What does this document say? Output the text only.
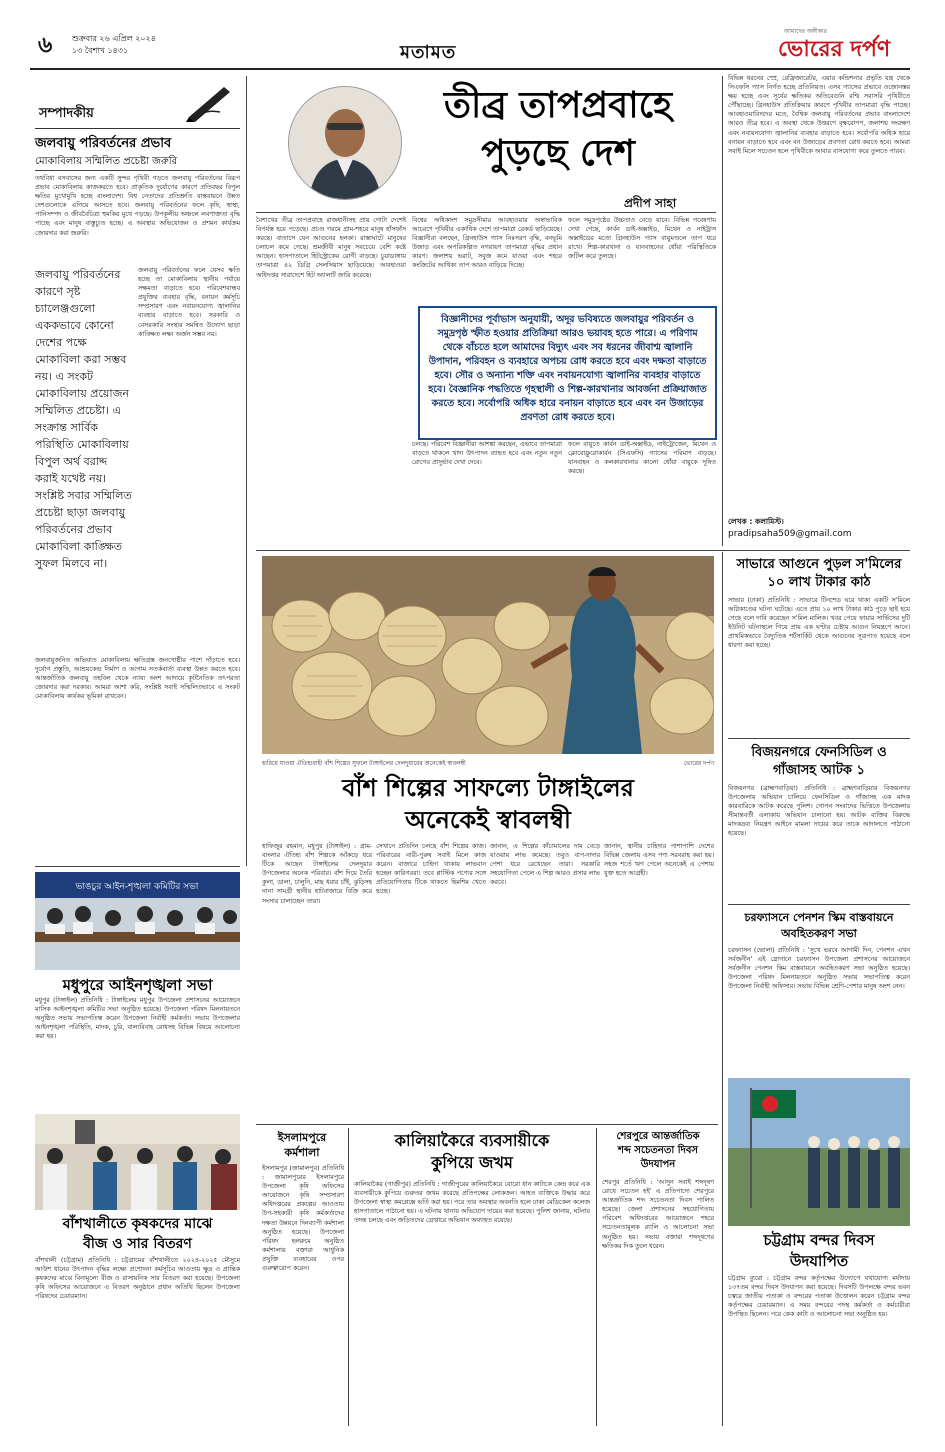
৬ শুক্রবার ২৬ এপ্রিল ২০২৪
১৩ বৈশাখ ১৪৩১	মতামত
আমাদের অঙ্গীকার
ভোরের দর্পণ
সম্পাদকীয়
জলবায়ু পরিবর্তনের প্রভাব
মোকাবিলায় সম্মিলিত প্রচেষ্টা জরুরি
তথবিধা বসবাসের জন্য একটি সুন্দর পৃথিবী গড়তে জলবায়ু পরিবর্তনের বিরূপ প্রভাব মোকাবিলায় কাজকরতে হবে। প্রাকৃতিক দুর্যোগের কারণে প্রতিবছর বিপুল ক্ষতির মুখোমুখি হচ্ছে বাংলাদেশ। বিশ্ব নেতাদের প্রতিশ্রুতি বাস্তবায়নে উন্নত দেশগুলোকে এগিয়ে আসতে হবে। জলবায়ু পরিবর্তনের ফলে কৃষি, স্বাস্থ্য, পানিসম্পদ ও জীববৈচিত্র্য হুমকির মুখে পড়ছে। উপকূলীয় অঞ্চলে লবণাক্ততা বৃদ্ধি পাচ্ছে এবং মানুষ বাস্তুচ্যুত হচ্ছে। এ অবস্থায় অভিযোজন ও প্রশমন কার্যক্রম জোরদার করা জরুরি।
জলবায়ু পরিবর্তনের কারণে সৃষ্ট চ্যালেঞ্জগুলো এককভাবে কোনো দেশের পক্ষে মোকাবিলা করা সম্ভব নয়। এ সংকট মোকাবিলায় প্রয়োজন সম্মিলিত প্রচেষ্টা। এ সংক্রান্ত সার্বিক পরিস্থিতি মোকাবিলায় বিপুল অর্থ বরাদ্দ করাই যথেষ্ট নয়। সংশ্লিষ্ট সবার সম্মিলিত প্রচেষ্টা ছাড়া জলবায়ু পরিবর্তনের প্রভাব মোকাবিলা কাঙ্ক্ষিত সুফল মিলবে না।
জলবায়ু পরিবর্তনের ফলে যেসব ক্ষতি হচ্ছে তা মোকাবিলায় স্থানীয় পর্যায়ে সক্ষমতা বাড়াতে হবে। পরিবেশবান্ধব প্রযুক্তির ব্যবহার বৃদ্ধি, বনায়ন কর্মসূচি সম্প্রসারণ এবং নবায়নযোগ্য জ্বালানির ব্যবহার বাড়াতে হবে। সরকারি ও বেসরকারি সংস্থার সমন্বিত উদ্যোগ ছাড়া কাঙ্ক্ষিত লক্ষ্য অর্জন সম্ভব নয়।
জলবায়ুজনিত অভিঘাত মোকাবিলায় ক্ষতিগ্রস্ত জনগোষ্ঠীর পাশে দাঁড়াতে হবে। দুর্যোগ প্রস্তুতি, আশ্রয়কেন্দ্র নির্মাণ ও আগাম সতর্কবার্তা ব্যবস্থা উন্নত করতে হবে। আন্তর্জাতিক জলবায়ু তহবিল থেকে ন্যায্য অংশ আদায়ে কূটনৈতিক তৎপরতা জোরদার করা দরকার। আমরা আশা করি, সংশ্লিষ্ট সবাই সম্মিলিতভাবে এ সংকট মোকাবিলায় কার্যকর ভূমিকা রাখবেন।
তীব্র তাপপ্রবাহে
পুড়ছে দেশ
প্রদীপ সাহা
বৈশাখের তীব্র তাপপ্রবাহে রাজধানীসহ প্রায় গোটা দেশেই বিপর্যস্ত হয়ে পড়েছে। প্রচণ্ড গরমে গ্রাম-শহরে মানুষ হাঁসফাঁস করছে। বাতাসে যেন আগুনের হলকা। রাস্তাঘাটে মানুষের চলাচল কমে গেছে। শ্রমজীবী মানুষ সবচেয়ে বেশি কষ্টে আছেন। হাসপাতালে হিটস্ট্রোকের রোগী বাড়ছে। চুয়াডাঙ্গায় তাপমাত্রা ৪২ ডিগ্রি সেলসিয়াস ছাড়িয়েছে। আবহাওয়া অধিদপ্তর সারাদেশে হিট অ্যালার্ট জারি করেছে।
বিশ্বের অধিকাংশ সমুদ্রসীমার আবহাওয়ার অস্বাভাবিক আচরণে পৃথিবীর একাধিক দেশে তাপমাত্রা রেকর্ড ছাড়িয়েছে। বিজ্ঞানীরা বলছেন, গ্রিনহাউস গ্যাস নিঃসরণ বৃদ্ধি, বনভূমি উজাড় এবং অপরিকল্পিত নগরায়ণ তাপমাত্রা বৃদ্ধির প্রধান কারণ। জলাশয় ভরাট, সবুজ কমে যাওয়া এবং শহরে কংক্রিটের আধিক্য তাপ আরও বাড়িয়ে দিচ্ছে।
ফলে সমুদ্রপৃষ্ঠের উচ্চতাও বেড়ে যাবে। বিভিন্ন গবেষণায় দেখা গেছে, কার্বন ডাই-অক্সাইড, মিথেন ও নাইট্রাস অক্সাইডের মতো গ্রিনহাউস গ্যাস বায়ুমণ্ডলে তাপ ধরে রাখে। শিল্প-কারখানা ও যানবাহনের ধোঁয়া পরিস্থিতিকে জটিল করে তুলছে।
বিজ্ঞানীদের পূর্বাভাস অনুযায়ী, অদূর ভবিষ্যতে জলবায়ুর পরিবর্তন ও সমুদ্রপৃষ্ঠ স্ফীত হওয়ার প্রতিক্রিয়া আরও ভয়াবহ হতে পারে। এ পরিণাম থেকে বাঁচতে হলে আমাদের বিদ্যুৎ এবং সব ধরনের জীবাশ্ম জ্বালানি উপাদান, পরিবহন ও ব্যবহারে অপচয় রোধ করতে হবে এবং দক্ষতা বাড়াতে হবে। সৌর ও অন্যান্য শক্তি এবং নবায়নযোগ্য জ্বালানির ব্যবহার বাড়াতে হবে। বৈজ্ঞানিক পদ্ধতিতে গৃহস্থালী ও শিল্প-কারখানার আবর্জনা প্রক্রিয়াজাত করতে হবে। সর্বোপরি অধিক হারে বনায়ন বাড়াতে হবে এবং বন উজাড়ের প্রবণতা রোধ করতে হবে।
চলছে। পরিবেশ বিজ্ঞানীরা আশঙ্কা করছেন, এভাবে তাপমাত্রা বাড়তে থাকলে খাদ্য উৎপাদন ব্যাহত হবে এবং নতুন নতুন রোগের প্রাদুর্ভাব দেখা দেবে।
ফলে বায়ুতে কার্বন ডাই-অক্সাইড, নাইট্রোজেন, মিথেন ও ক্লোরোফ্লুরোকার্বন (সিএফসি) গ্যাসের পরিমাণ বাড়ছে। যানবাহন ও কলকারখানার কালো ধোঁয়া বায়ুকে দূষিত করছে।
বিভিন্ন ধরনের স্প্রে, রেফ্রিজারেটর, এয়ার কন্ডিশনার প্রভৃতি যন্ত্র থেকে সিএফসি গ্যাস নির্গত হচ্ছে প্রতিনিয়ত। এসব গ্যাসের প্রভাবে ওজোনস্তর ক্ষয় হচ্ছে এবং সূর্যের ক্ষতিকর অতিবেগুনি রশ্মি সরাসরি পৃথিবীতে পৌঁছাচ্ছে। গ্রিনহাউস প্রতিক্রিয়ার কারণে পৃথিবীর তাপমাত্রা বৃদ্ধি পাচ্ছে। আবহাওয়াবিদদের মতে, বৈশ্বিক জলবায়ু পরিবর্তনের প্রভাব বাংলাদেশে আরও তীব্র হবে। এ অবস্থা থেকে উত্তরণে বৃক্ষরোপণ, জলাশয় সংরক্ষণ এবং নবায়নযোগ্য জ্বালানির ব্যবহার বাড়াতে হবে। সর্বোপরি অধিক হারে বনায়ন বাড়াতে হবে এবং বন উজাড়ের প্রবণতা রোধ করতে হবে। আমরা সবাই মিলে সচেতন হলে পৃথিবীকে আবার বাসযোগ্য করে তুলতে পারব।
লেখক : কলামিস্ট।
pradipsaha509@gmail.com
হারিয়ে যাওয়া ঐতিহ্যবাহী বাঁশ শিল্পের সুফলে টাঙ্গাইলের দেলদুয়ারের অনেকেই স্বাবলম্বী	ভোরের দর্পণ
বাঁশ শিল্পের সাফল্যে টাঙ্গাইলের
অনেকেই স্বাবলম্বী
হাফিজুর রহমান, মধুপুর (টাঙ্গাইল) : গ্রাম-বাংলার ঐতিহ্য বাঁশ শিল্পকে আঁকড়ে ধরে টিকে আছেন টাঙ্গাইলের দেলদুয়ার উপজেলার অনেক পরিবার। বাঁশ দিয়ে তৈরি কুলা, ডালা, চালুনি, মাছ ধরার চাঁই, ঝুড়িসহ নানা সামগ্রী স্থানীয় হাটবাজারে বিক্রি করে সংসার চালাচ্ছেন তারা।
সেখানে প্রতিদিন চলছে বাঁশ শিল্পের কাজ। পরিবারের নারী-পুরুষ সবাই মিলে কাজ করেন। বাজারে চাহিদা থাকায় লাভবান হচ্ছেন কারিগররা। তবে প্লাস্টিক পণ্যের সঙ্গে প্রতিযোগিতায় টিকে থাকতে হিমশিম খেতে হচ্ছে।
জানান, এ শিল্পের কাঁচামালের দাম বেড়ে যাওয়ায় লাভ কমেছে। তবুও বাপ-দাদার পেশা ধরে রেখেছেন তারা। সরকারি সহযোগিতা পেলে এ শিল্প আরও প্রসার লাভ করবে।
জানান, স্থানীয় চাহিদার পাশাপাশি দেশের বিভিন্ন জেলায় এসব পণ্য সরবরাহ করা হয়। সহজ শর্তে ঋণ পেলে অনেকেই এ পেশায় যুক্ত হতে আগ্রহী।
ভাঙচুর আইন-শৃঙ্খলা কমিটির সভা
মধুপুরে আইনশৃঙ্খলা সভা
মধুপুর (টাঙ্গাইল) প্রতিনিধি : টাঙ্গাইলের মধুপুর উপজেলা প্রশাসনের আয়োজনে মাসিক আইনশৃঙ্খলা কমিটির সভা অনুষ্ঠিত হয়েছে। উপজেলা পরিষদ মিলনায়তনে অনুষ্ঠিত সভায় সভাপতিত্ব করেন উপজেলা নির্বাহী কর্মকর্তা। সভায় উপজেলার আইনশৃঙ্খলা পরিস্থিতি, মাদক, চুরি, বাল্যবিবাহ রোধসহ বিভিন্ন বিষয়ে আলোচনা করা হয়।
বাঁশখালীতে কৃষকদের মাঝে
বীজ ও সার বিতরণ
বাঁশখালী (চট্টগ্রাম) প্রতিনিধি : চট্টগ্রামের বাঁশখালীতে ২০২৪-২০২৫ মৌসুমে আউশ ধানের উৎপাদন বৃদ্ধির লক্ষ্যে প্রণোদনা কর্মসূচির আওতায় ক্ষুদ্র ও প্রান্তিক কৃষকদের মাঝে বিনামূল্যে বীজ ও রাসায়নিক সার বিতরণ করা হয়েছে। উপজেলা কৃষি অফিসের আয়োজনে এ বিতরণ অনুষ্ঠানে প্রধান অতিথি ছিলেন উপজেলা পরিষদের চেয়ারম্যান।
ইসলামপুরে
কর্মশালা
ইসলামপুর (জামালপুর) প্রতিনিধি : জামালপুরের ইসলামপুরে উপজেলা কৃষি অফিসের আয়োজনে কৃষি সম্প্রসারণ অধিদপ্তরের প্রকল্পের আওতায় উপ-সহকারী কৃষি কর্মকর্তাদের দক্ষতা উন্নয়নে দিনব্যাপী কর্মশালা অনুষ্ঠিত হয়েছে। উপজেলা পরিষদ হলরুমে অনুষ্ঠিত কর্মশালায় বক্তারা আধুনিক প্রযুক্তি ব্যবহারের ওপর গুরুত্বারোপ করেন।
কালিয়াকৈরে ব্যবসায়ীকে
কুপিয়ে জখম
কালিয়াকৈর (গাজীপুর) প্রতিনিধি : গাজীপুরের কালিয়াকৈরে বোরো ধান কাটাকে কেন্দ্র করে এক ব্যবসায়ীকে কুপিয়ে গুরুতর জখম করেছে প্রতিপক্ষের লোকজন। আহত ব্যক্তিকে উদ্ধার করে উপজেলা স্বাস্থ্য কমপ্লেক্সে ভর্তি করা হয়। পরে তার অবস্থার অবনতি হলে ঢাকা মেডিকেল কলেজ হাসপাতালে পাঠানো হয়। এ ঘটনায় থানায় অভিযোগ দায়ের করা হয়েছে। পুলিশ জানায়, ঘটনার তদন্ত চলছে এবং জড়িতদের গ্রেপ্তারে অভিযান অব্যাহত রয়েছে।
শেরপুরে আন্তর্জাতিক
শব্দ সচেতনতা দিবস
উদযাপন
শেরপুর প্রতিনিধি : 'আসুন সবাই শব্দদূষণ রোধে সচেতন হই' এ প্রতিপাদ্যে শেরপুরে আন্তর্জাতিক শব্দ সচেতনতা দিবস পালিত হয়েছে। জেলা প্রশাসনের সহযোগিতায় পরিবেশ অধিদপ্তরের আয়োজনে শহরে সচেতনতামূলক র‌্যালি ও আলোচনা সভা অনুষ্ঠিত হয়। সভায় বক্তারা শব্দদূষণের ক্ষতিকর দিক তুলে ধরেন।
সাভারে আগুনে পুড়ল স'মিলের
১০ লাখ টাকার কাঠ
সাভার (ঢাকা) প্রতিনিধি : সাভারে টিনশেড ঘরে থাকা একটি স'মিলে অগ্নিকাণ্ডের ঘটনা ঘটেছে। এতে প্রায় ১০ লাখ টাকার কাঠ পুড়ে ছাই হয়ে গেছে বলে দাবি করেছেন স'মিল মালিক। খবর পেয়ে ফায়ার সার্ভিসের দুটি ইউনিট ঘটনাস্থলে গিয়ে প্রায় এক ঘণ্টার চেষ্টায় আগুন নিয়ন্ত্রণে আনে। প্রাথমিকভাবে বৈদ্যুতিক শর্টসার্কিট থেকে আগুনের সূত্রপাত হয়েছে বলে ধারণা করা হচ্ছে।
বিজয়নগরে ফেনসিডিল ও
গাঁজাসহ আটক ১
বিজয়নগর (ব্রাহ্মণবাড়িয়া) প্রতিনিধি : ব্রাহ্মণবাড়িয়ার বিজয়নগর উপজেলায় অভিযান চালিয়ে ফেনসিডিল ও গাঁজাসহ এক মাদক কারবারিকে আটক করেছে পুলিশ। গোপন সংবাদের ভিত্তিতে উপজেলার সীমান্তবর্তী এলাকায় অভিযান চালানো হয়। আটক ব্যক্তির বিরুদ্ধে মাদকদ্রব্য নিয়ন্ত্রণ আইনে মামলা দায়ের করে তাকে আদালতে পাঠানো হয়েছে।
চরফ্যাসনে পেনশন স্কিম বাস্তবায়নে
অবহিতকরণ সভা
চরফ্যাসন (ভোলা) প্রতিনিধি : 'সুখে ভরবে আগামী দিন, পেনশন এখন সর্বজনীন' এই স্লোগানে চরফ্যাসন উপজেলা প্রশাসনের আয়োজনে সর্বজনীন পেনশন স্কিম বাস্তবায়নে অবহিতকরণ সভা অনুষ্ঠিত হয়েছে। উপজেলা পরিষদ মিলনায়তনে অনুষ্ঠিত সভায় সভাপতিত্ব করেন উপজেলা নির্বাহী অফিসার। সভায় বিভিন্ন শ্রেণি-পেশার মানুষ অংশ নেন।
চট্টগ্রাম বন্দর দিবস
উদযাপিত
চট্টগ্রাম ব্যুরো : চট্টগ্রাম বন্দর কর্তৃপক্ষের উদ্যোগে যথাযোগ্য মর্যাদায় ১৩৭তম বন্দর দিবস উদযাপন করা হয়েছে। দিবসটি উপলক্ষে বন্দর ভবন চত্বরে জাতীয় পতাকা ও বন্দরের পতাকা উত্তোলন করেন চট্টগ্রাম বন্দর কর্তৃপক্ষের চেয়ারম্যান। এ সময় বন্দরের পদস্থ কর্মকর্তা ও কর্মচারীরা উপস্থিত ছিলেন। পরে কেক কাটা ও আলোচনা সভা অনুষ্ঠিত হয়।
